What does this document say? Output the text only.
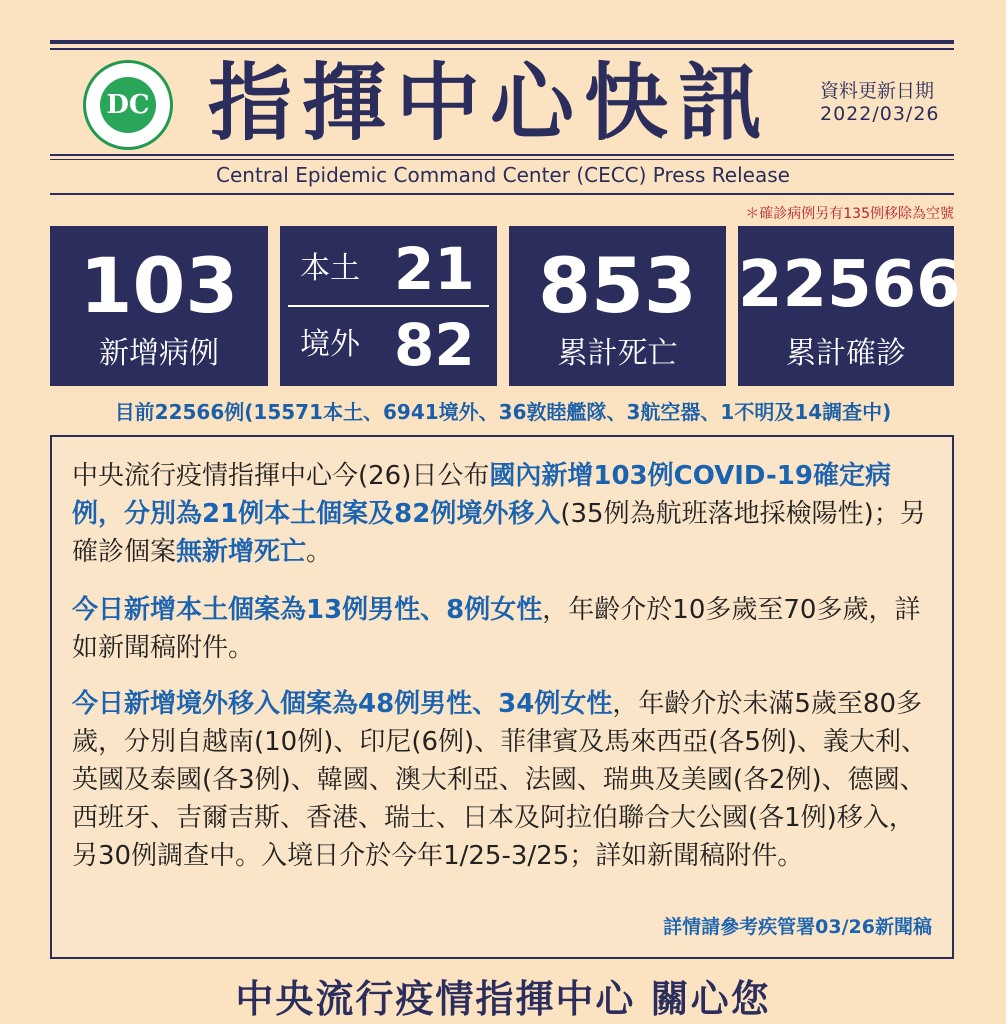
DC 指揮中心快訊	資料更新日期
2022/03/26
Central Epidemic Command Center (CECC) Press Release
＊確診病例另有135例移除為空號
103
新增病例
本土 21
境外 82
853
累計死亡
22566
累計確診
目前22566例(15571本土、6941境外、36敦睦艦隊、3航空器、1不明及14調查中)
中央流行疫情指揮中心今(26)日公布國內新增103例COVID-19確定病例，分別為21例本土個案及82例境外移入(35例為航班落地採檢陽性)；另確診個案無新增死亡。
今日新增本土個案為13例男性、8例女性，年齡介於10多歲至70多歲，詳如新聞稿附件。
今日新增境外移入個案為48例男性、34例女性，年齡介於未滿5歲至80多歲，分別自越南(10例)、印尼(6例)、菲律賓及馬來西亞(各5例)、義大利、英國及泰國(各3例)、韓國、澳大利亞、法國、瑞典及美國(各2例)、德國、西班牙、吉爾吉斯、香港、瑞士、日本及阿拉伯聯合大公國(各1例)移入，另30例調查中。入境日介於今年1/25-3/25；詳如新聞稿附件。
詳情請參考疾管署03/26新聞稿
中央流行疫情指揮中心 關心您
